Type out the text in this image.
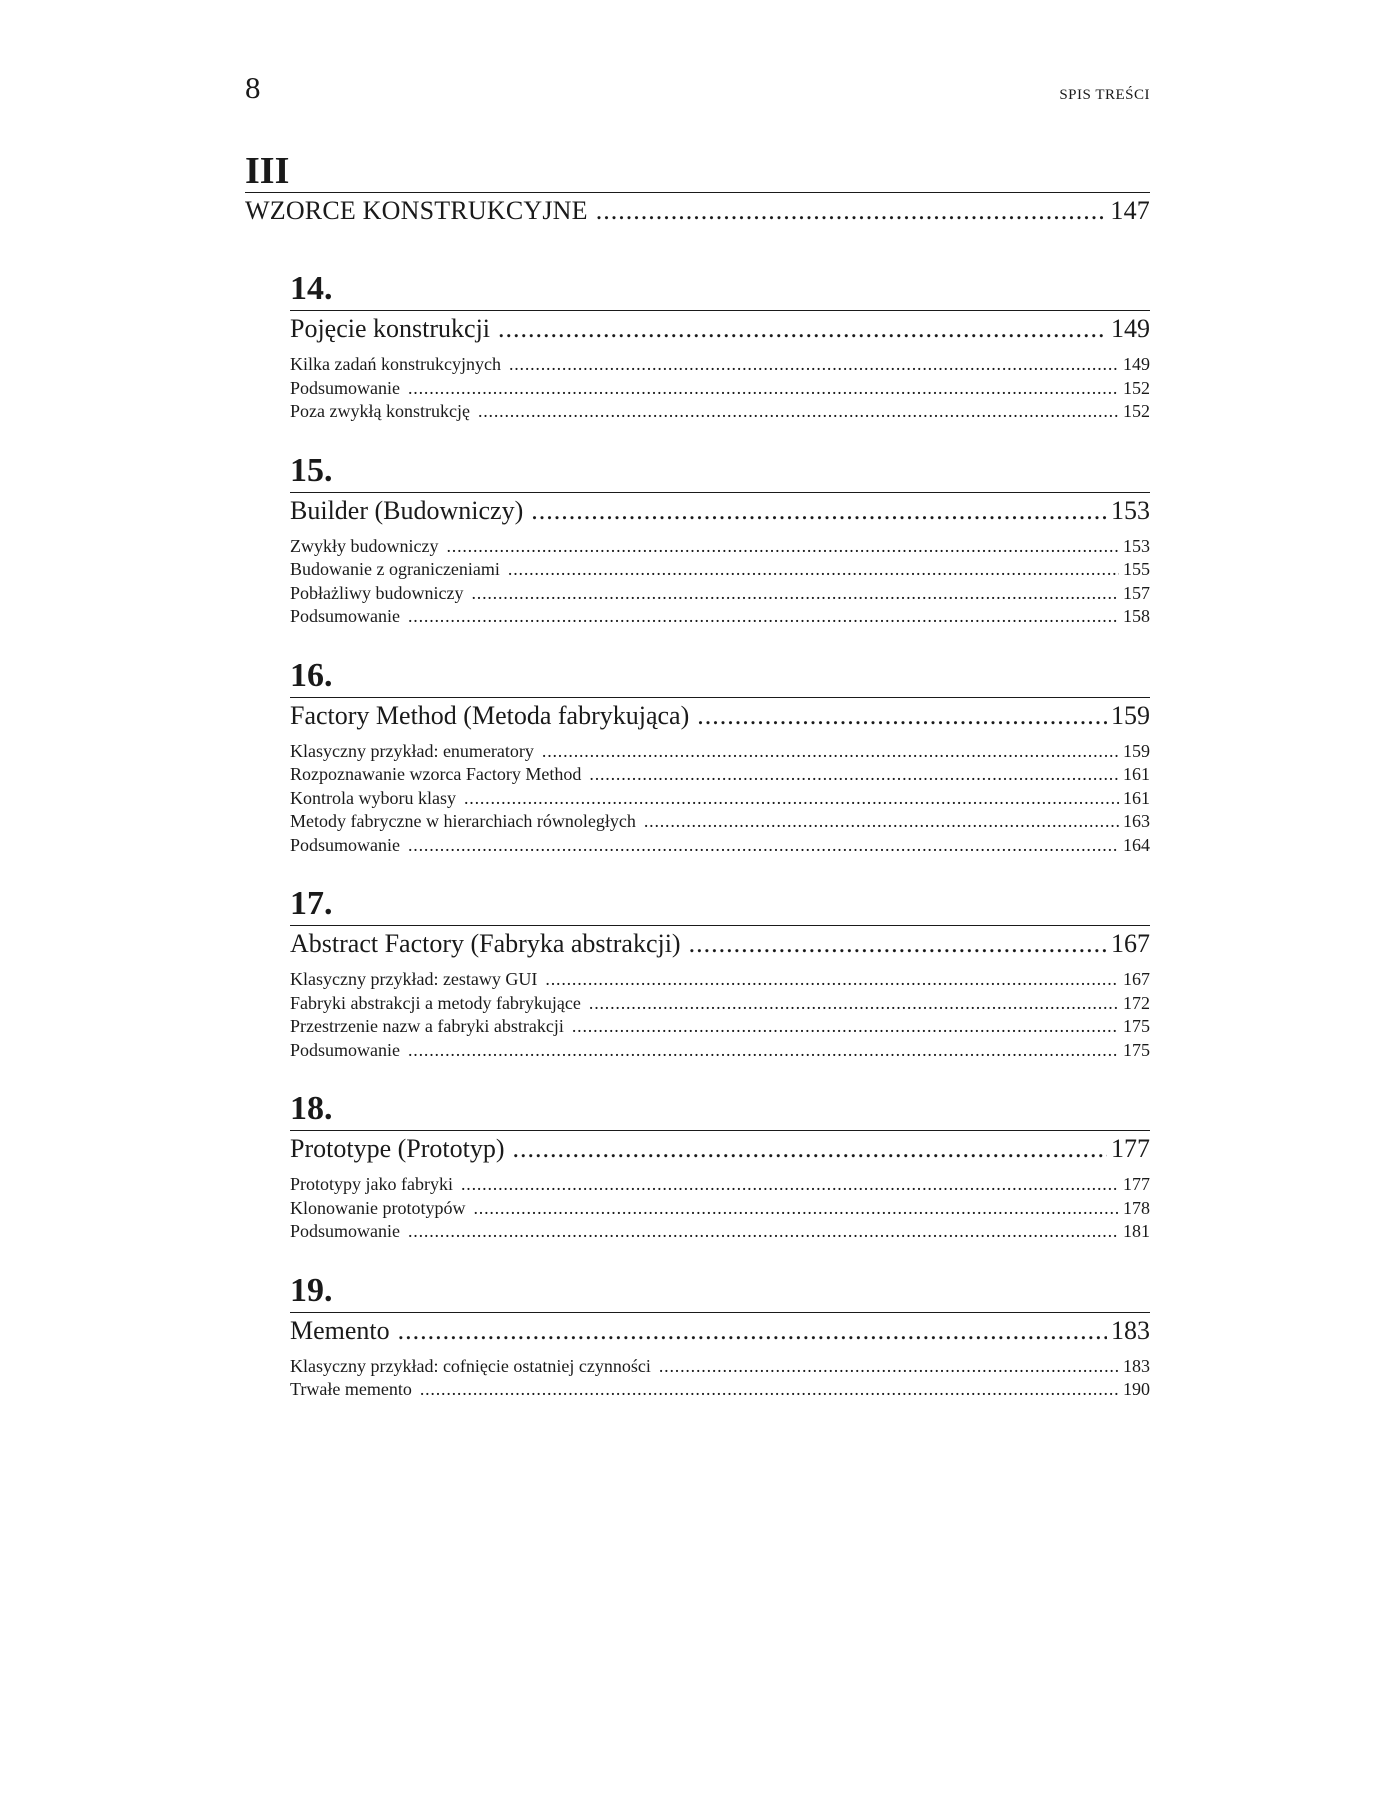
8	SPIS TREŚCI
III
WZORCE KONSTRUKCYJNE .....	147
14.
Pojęcie konstrukcji .....	149
Kilka zadań konstrukcyjnych .....	149
Podsumowanie .....	152
Poza zwykłą konstrukcję .....	152
15.
Builder (Budowniczy) .....	153
Zwykły budowniczy .....	153
Budowanie z ograniczeniami .....	155
Pobłażliwy budowniczy .....	157
Podsumowanie .....	158
16.
Factory Method (Metoda fabrykująca) .....	159
Klasyczny przykład: enumeratory .....	159
Rozpoznawanie wzorca Factory Method .....	161
Kontrola wyboru klasy .....	161
Metody fabryczne w hierarchiach równoległych .....	163
Podsumowanie .....	164
17.
Abstract Factory (Fabryka abstrakcji) .....	167
Klasyczny przykład: zestawy GUI .....	167
Fabryki abstrakcji a metody fabrykujące .....	172
Przestrzenie nazw a fabryki abstrakcji .....	175
Podsumowanie .....	175
18.
Prototype (Prototyp) .....	177
Prototypy jako fabryki .....	177
Klonowanie prototypów .....	178
Podsumowanie .....	181
19.
Memento .....	183
Klasyczny przykład: cofnięcie ostatniej czynności .....	183
Trwałe memento .....	190
